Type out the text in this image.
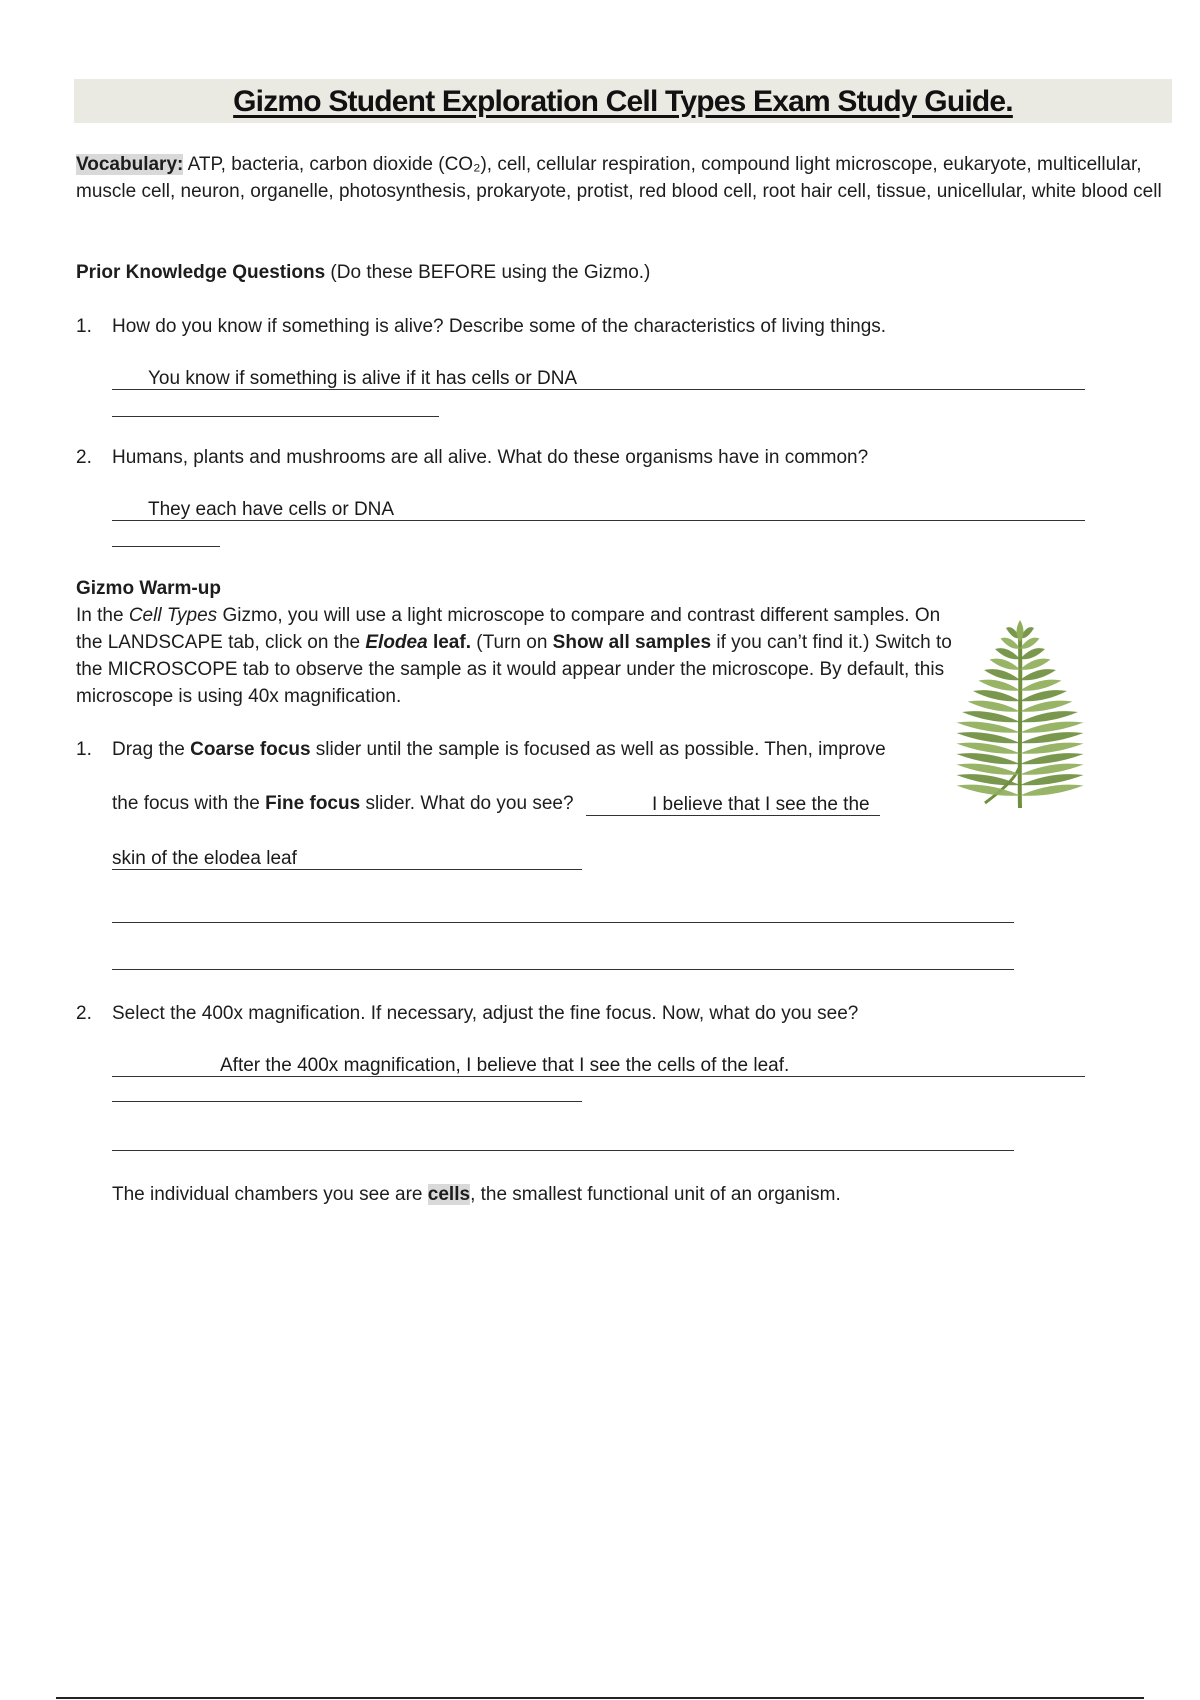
Gizmo Student Exploration Cell Types Exam Study Guide.
Vocabulary: ATP, bacteria, carbon dioxide (CO₂), cell, cellular respiration, compound light microscope, eukaryote, multicellular, muscle cell, neuron, organelle, photosynthesis, prokaryote, protist, red blood cell, root hair cell, tissue, unicellular, white blood cell
Prior Knowledge Questions (Do these BEFORE using the Gizmo.)
1. How do you know if something is alive? Describe some of the characteristics of living things.
You know if something is alive if it has cells or DNA
2. Humans, plants and mushrooms are all alive. What do these organisms have in common?
They each have cells or DNA
Gizmo Warm-up
In the Cell Types Gizmo, you will use a light microscope to compare and contrast different samples. On the LANDSCAPE tab, click on the Elodea leaf. (Turn on Show all samples if you can’t find it.) Switch to the MICROSCOPE tab to observe the sample as it would appear under the microscope. By default, this microscope is using 40x magnification.
1. Drag the Coarse focus slider until the sample is focused as well as possible. Then, improve
the focus with the Fine focus slider. What do you see?	I believe that I see the the
skin of the elodea leaf
2. Select the 400x magnification. If necessary, adjust the fine focus. Now, what do you see?
After the 400x magnification, I believe that I see the cells of the leaf.
The individual chambers you see are cells, the smallest functional unit of an organism.
